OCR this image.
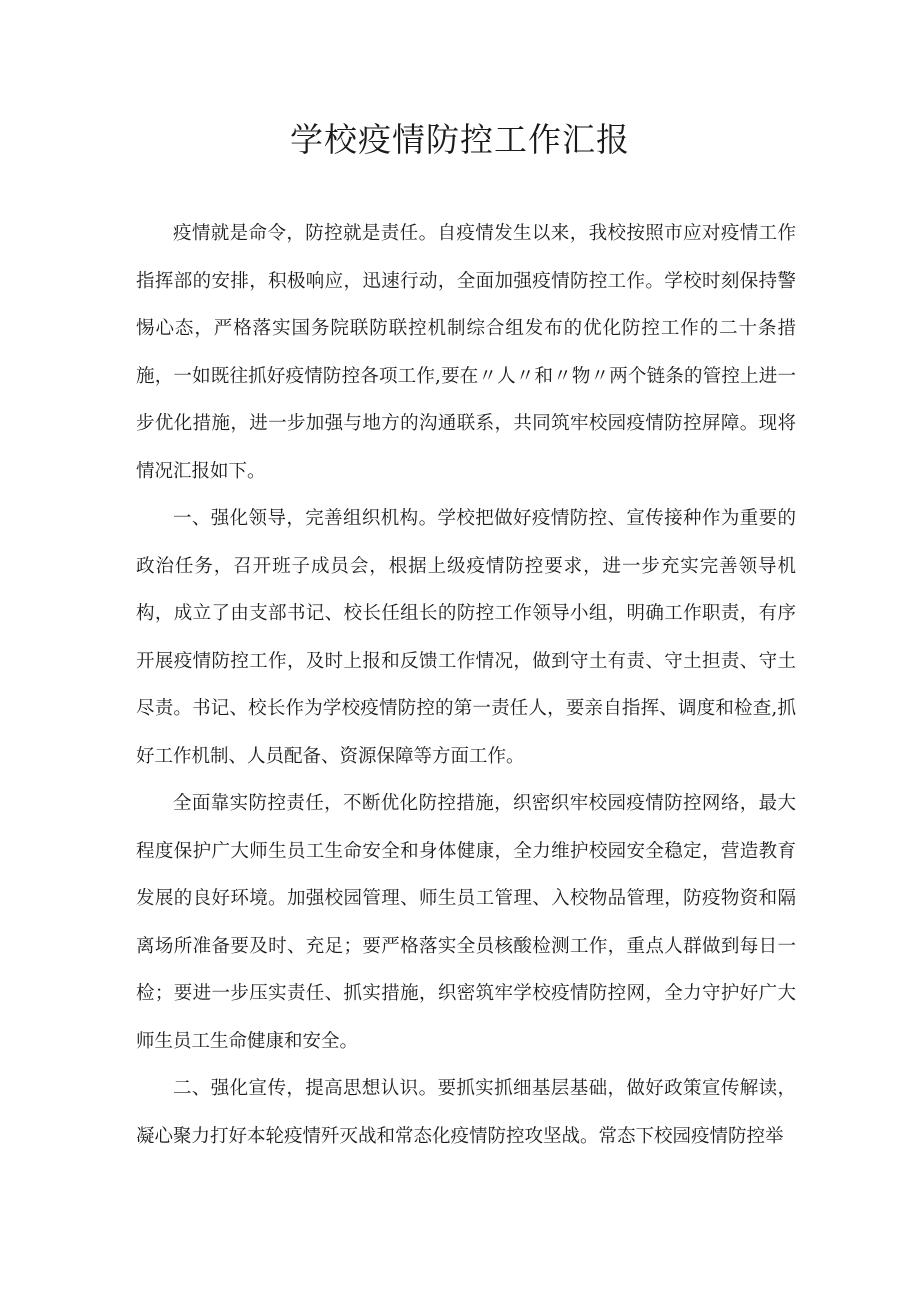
学校疫情防控工作汇报

疫情就是命令，防控就是责任。自疫情发生以来，我校按照市应对疫情工作指挥部的安排，积极响应，迅速行动，全面加强疫情防控工作。学校时刻保持警惕心态，严格落实国务院联防联控机制综合组发布的优化防控工作的二十条措施，一如既往抓好疫情防控各项工作,要在〃人〃和〃物〃两个链条的管控上进一步优化措施，进一步加强与地方的沟通联系，共同筑牢校园疫情防控屏障。现将情况汇报如下。

一、强化领导，完善组织机构。学校把做好疫情防控、宣传接种作为重要的政治任务，召开班子成员会，根据上级疫情防控要求，进一步充实完善领导机构，成立了由支部书记、校长任组长的防控工作领导小组，明确工作职责，有序开展疫情防控工作，及时上报和反馈工作情况，做到守土有责、守土担责、守土尽责。书记、校长作为学校疫情防控的第一责任人，要亲自指挥、调度和检查,抓好工作机制、人员配备、资源保障等方面工作。

全面靠实防控责任，不断优化防控措施，织密织牢校园疫情防控网络，最大程度保护广大师生员工生命安全和身体健康，全力维护校园安全稳定，营造教育发展的良好环境。加强校园管理、师生员工管理、入校物品管理，防疫物资和隔离场所准备要及时、充足；要严格落实全员核酸检测工作，重点人群做到每日一检；要进一步压实责任、抓实措施，织密筑牢学校疫情防控网，全力守护好广大师生员工生命健康和安全。

二、强化宣传，提高思想认识。要抓实抓细基层基础，做好政策宣传解读，凝心聚力打好本轮疫情歼灭战和常态化疫情防控攻坚战。常态下校园疫情防控举
